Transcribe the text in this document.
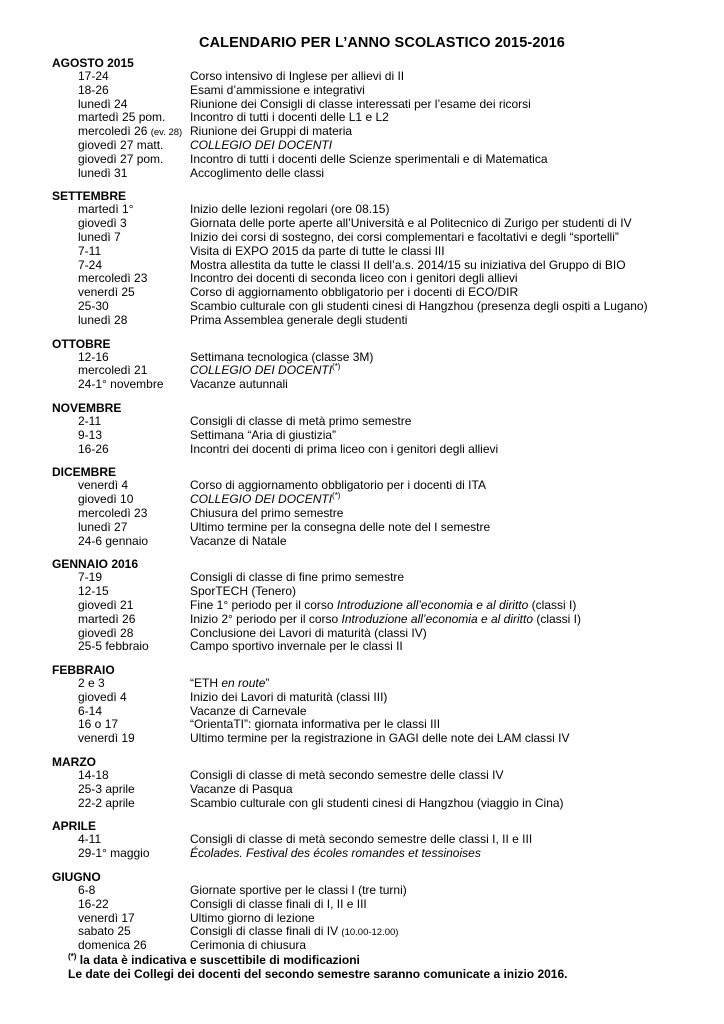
CALENDARIO PER L’ANNO SCOLASTICO 2015-2016
AGOSTO 2015
17-24	Corso intensivo di Inglese per allievi di II
18-26	Esami d’ammissione e integrativi
lunedì 24	Riunione dei Consigli di classe interessati per l’esame dei ricorsi
martedì 25 pom.	Incontro di tutti i docenti delle L1 e L2
mercoledì 26 (ev. 28) Riunione dei Gruppi di materia
giovedì 27 matt.	COLLEGIO DEI DOCENTI
giovedì 27 pom.	Incontro di tutti i docenti delle Scienze sperimentali e di Matematica
lunedì 31	Accoglimento delle classi
SETTEMBRE
martedì 1°	Inizio delle lezioni regolari (ore 08.15)
giovedì 3	Giornata delle porte aperte all’Università e al Politecnico di Zurigo per studenti di IV
lunedì 7	Inizio dei corsi di sostegno, dei corsi complementari e facoltativi e degli “sportelli”
7-11	Visita di EXPO 2015 da parte di tutte le classi III
7-24	Mostra allestita da tutte le classi II dell’a.s. 2014/15 su iniziativa del Gruppo di BIO
mercoledì 23	Incontro dei docenti di seconda liceo con i genitori degli allievi
venerdì 25	Corso di aggiornamento obbligatorio per i docenti di ECO/DIR
25-30	Scambio culturale con gli studenti cinesi di Hangzhou (presenza degli ospiti a Lugano)
lunedì 28	Prima Assemblea generale degli studenti
OTTOBRE
12-16	Settimana tecnologica (classe 3M)
mercoledì 21	COLLEGIO DEI DOCENTI(*)
24-1° novembre	Vacanze autunnali
NOVEMBRE
2-11	Consigli di classe di metà primo semestre
9-13	Settimana “Aria di giustizia”
16-26	Incontri dei docenti di prima liceo con i genitori degli allievi
DICEMBRE
venerdì 4	Corso di aggiornamento obbligatorio per i docenti di ITA
giovedì 10	COLLEGIO DEI DOCENTI(*)
mercoledì 23	Chiusura del primo semestre
lunedì 27	Ultimo termine per la consegna delle note del I semestre
24-6 gennaio	Vacanze di Natale
GENNAIO 2016
7-19	Consigli di classe di fine primo semestre
12-15	SporTECH (Tenero)
giovedì 21	Fine 1° periodo per il corso Introduzione all’economia e al diritto (classi I)
martedì 26	Inizio 2° periodo per il corso Introduzione all’economia e al diritto (classi I)
giovedì 28	Conclusione dei Lavori di maturità (classi IV)
25-5 febbraio	Campo sportivo invernale per le classi II
FEBBRAIO
2 e 3	“ETH en route”
giovedì 4	Inizio dei Lavori di maturità (classi III)
6-14	Vacanze di Carnevale
16 o 17	“OrientaTI”: giornata informativa per le classi III
venerdì 19	Ultimo termine per la registrazione in GAGI delle note dei LAM classi IV
MARZO
14-18	Consigli di classe di metà secondo semestre delle classi IV
25-3 aprile	Vacanze di Pasqua
22-2 aprile	Scambio culturale con gli studenti cinesi di Hangzhou (viaggio in Cina)
APRILE
4-11	Consigli di classe di metà secondo semestre delle classi I, II e III
29-1° maggio	Écolades. Festival des écoles romandes et tessinoises
GIUGNO
6-8	Giornate sportive per le classi I (tre turni)
16-22	Consigli di classe finali di I, II e III
venerdì 17	Ultimo giorno di lezione
sabato 25	Consigli di classe finali di IV (10.00-12.00)
domenica 26	Cerimonia di chiusura
(*) la data è indicativa e suscettibile di modificazioni
Le date dei Collegi dei docenti del secondo semestre saranno comunicate a inizio 2016.
